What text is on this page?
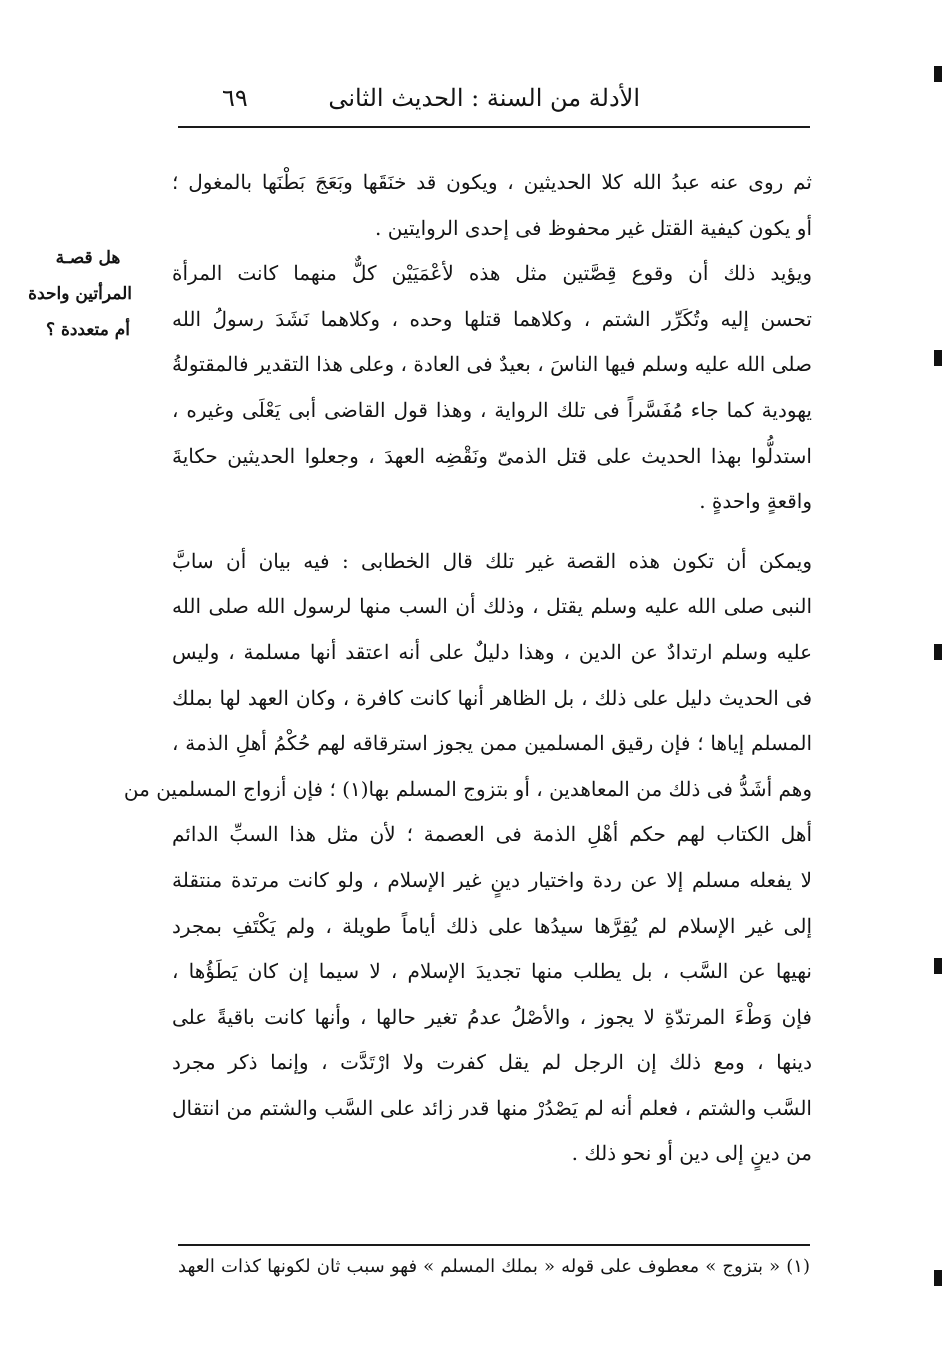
الأدلة من السنة : الحديث الثانى
٦٩
هل قصـة
المرأتين واحدة
أم متعددة ؟
ثم روى عنه عبدُ الله كلا الحديثين ، ويكون قد خنَقَها وبَعَجَ بَطْنَها بالمغول ؛
أو يكون كيفية القتل غير محفوظ فى إحدى الروايتين .
ويؤيد ذلك أن وقوع قِصَّتين مثل هذه لأعْمَيَيْن كلٌّ منهما كانت المرأة
تحسن إليه وتُكَرِّر الشتم ، وكلاهما قتلها وحده ، وكلاهما نَشَدَ رسولُ الله
صلى الله عليه وسلم فيها الناسَ ، بعيدٌ فى العادة ، وعلى هذا التقدير فالمقتولةُ
يهودية كما جاء مُفَسَّراً فى تلك الرواية ، وهذا قول القاضى أبى يَعْلَى وغيره ،
استدلُّوا بهذا الحديث على قتل الذمىّ ونَقْضِه العهدَ ، وجعلوا الحديثين حكايةَ
واقعةٍ واحدةٍ .
ويمكن أن تكون هذه القصة غير تلك قال الخطابى : فيه بيان أن سابَّ
النبى صلى الله عليه وسلم يقتل ، وذلك أن السب منها لرسول الله صلى الله
عليه وسلم ارتدادٌ عن الدين ، وهذا دليلٌ على أنه اعتقد أنها مسلمة ، وليس
فى الحديث دليل على ذلك ، بل الظاهر أنها كانت كافرة ، وكان العهد لها بملك
المسلم إياها ؛ فإن رقيق المسلمين ممن يجوز استرقاقه لهم حُكْمُ أهلِ الذمة ،
وهم أشَدُّ فى ذلك من المعاهدين ، أو بتزوج المسلم بها(١) ؛ فإن أزواج المسلمين من
أهل الكتاب لهم حكم أهْلِ الذمة فى العصمة ؛ لأن مثل هذا السبِّ الدائم
لا يفعله مسلم إلا عن ردة واختيار دينٍ غير الإسلام ، ولو كانت مرتدة منتقلة
إلى غير الإسلام لم يُقِرَّها سيدُها على ذلك أياماً طويلة ، ولم يَكْتَفِ بمجرد
نهيها عن السَّب ، بل يطلب منها تجديدَ الإسلام ، لا سيما إن كان يَطَؤُها ،
فإن وَطْءَ المرتدّةِ لا يجوز ، والأصْلُ عدمُ تغير حالها ، وأنها كانت باقيةً على
دينها ، ومع ذلك إن الرجل لم يقل كفرت ولا ارْتَدَّت ، وإنما ذكر مجرد
السَّب والشتم ، فعلم أنه لم يَصْدُرْ منها قدر زائد على السَّب والشتم من انتقال
من دينٍ إلى دين أو نحو ذلك .
(١) « بتزوج » معطوف على قوله « بملك المسلم » فهو سبب ثان لكونها كذات العهد
